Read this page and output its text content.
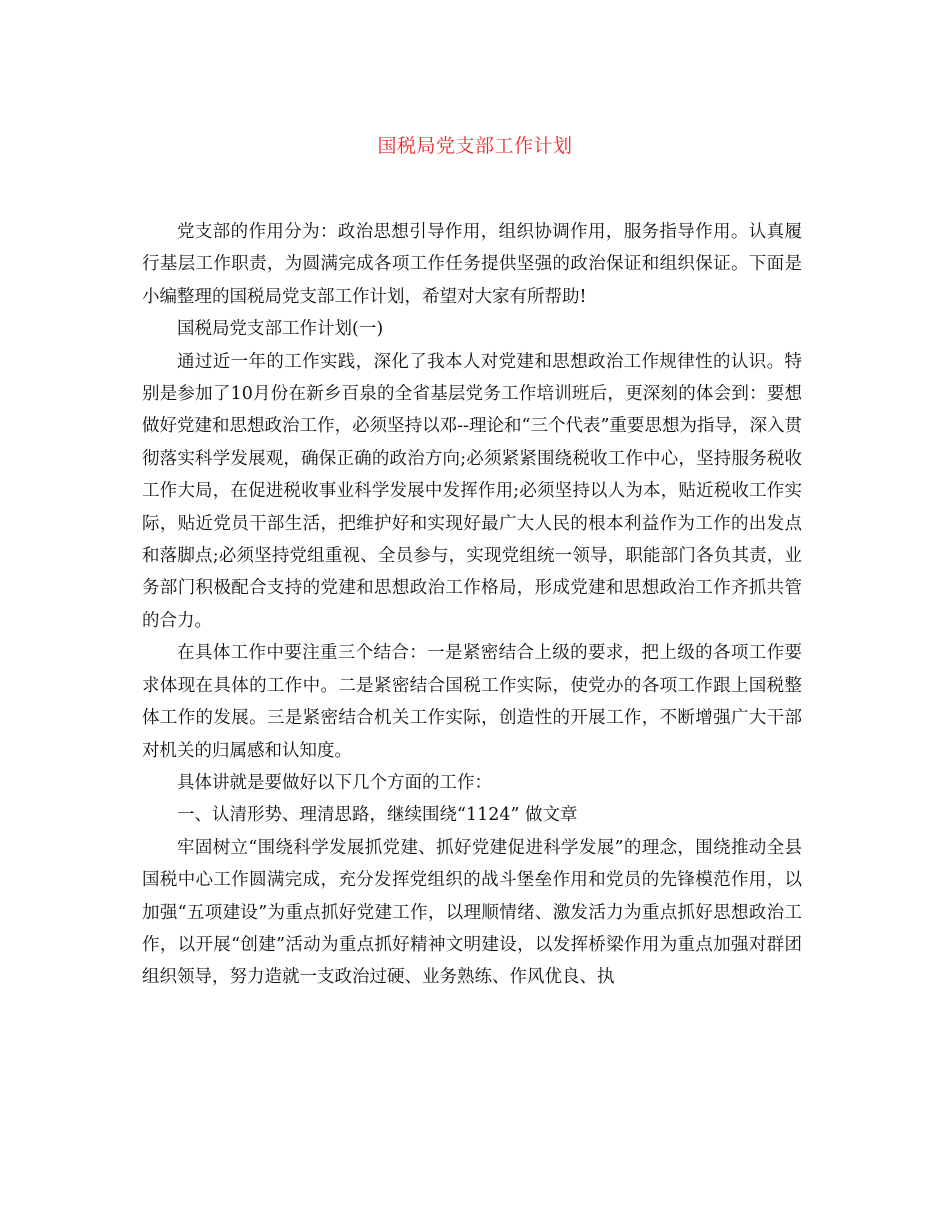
国税局党支部工作计划

党支部的作用分为：政治思想引导作用，组织协调作用，服务指导作用。认真履行基层工作职责，为圆满完成各项工作任务提供坚强的政治保证和组织保证。下面是小编整理的国税局党支部工作计划，希望对大家有所帮助!

国税局党支部工作计划(一)

通过近一年的工作实践，深化了我本人对党建和思想政治工作规律性的认识。特别是参加了10月份在新乡百泉的全省基层党务工作培训班后，更深刻的体会到：要想做好党建和思想政治工作，必须坚持以邓--理论和“三个代表”重要思想为指导，深入贯彻落实科学发展观，确保正确的政治方向;必须紧紧围绕税收工作中心，坚持服务税收工作大局，在促进税收事业科学发展中发挥作用;必须坚持以人为本，贴近税收工作实际，贴近党员干部生活，把维护好和实现好最广大人民的根本利益作为工作的出发点和落脚点;必须坚持党组重视、全员参与，实现党组统一领导，职能部门各负其责，业务部门积极配合支持的党建和思想政治工作格局，形成党建和思想政治工作齐抓共管的合力。

在具体工作中要注重三个结合：一是紧密结合上级的要求，把上级的各项工作要求体现在具体的工作中。二是紧密结合国税工作实际，使党办的各项工作跟上国税整体工作的发展。三是紧密结合机关工作实际，创造性的开展工作，不断增强广大干部对机关的归属感和认知度。

具体讲就是要做好以下几个方面的工作：

一、认清形势、理清思路，继续围绕“1124” 做文章

牢固树立“围绕科学发展抓党建、抓好党建促进科学发展”的理念，围绕推动全县国税中心工作圆满完成，充分发挥党组织的战斗堡垒作用和党员的先锋模范作用，以加强“五项建设”为重点抓好党建工作，以理顺情绪、激发活力为重点抓好思想政治工作，以开展“创建”活动为重点抓好精神文明建设，以发挥桥梁作用为重点加强对群团组织领导，努力造就一支政治过硬、业务熟练、作风优良、执
